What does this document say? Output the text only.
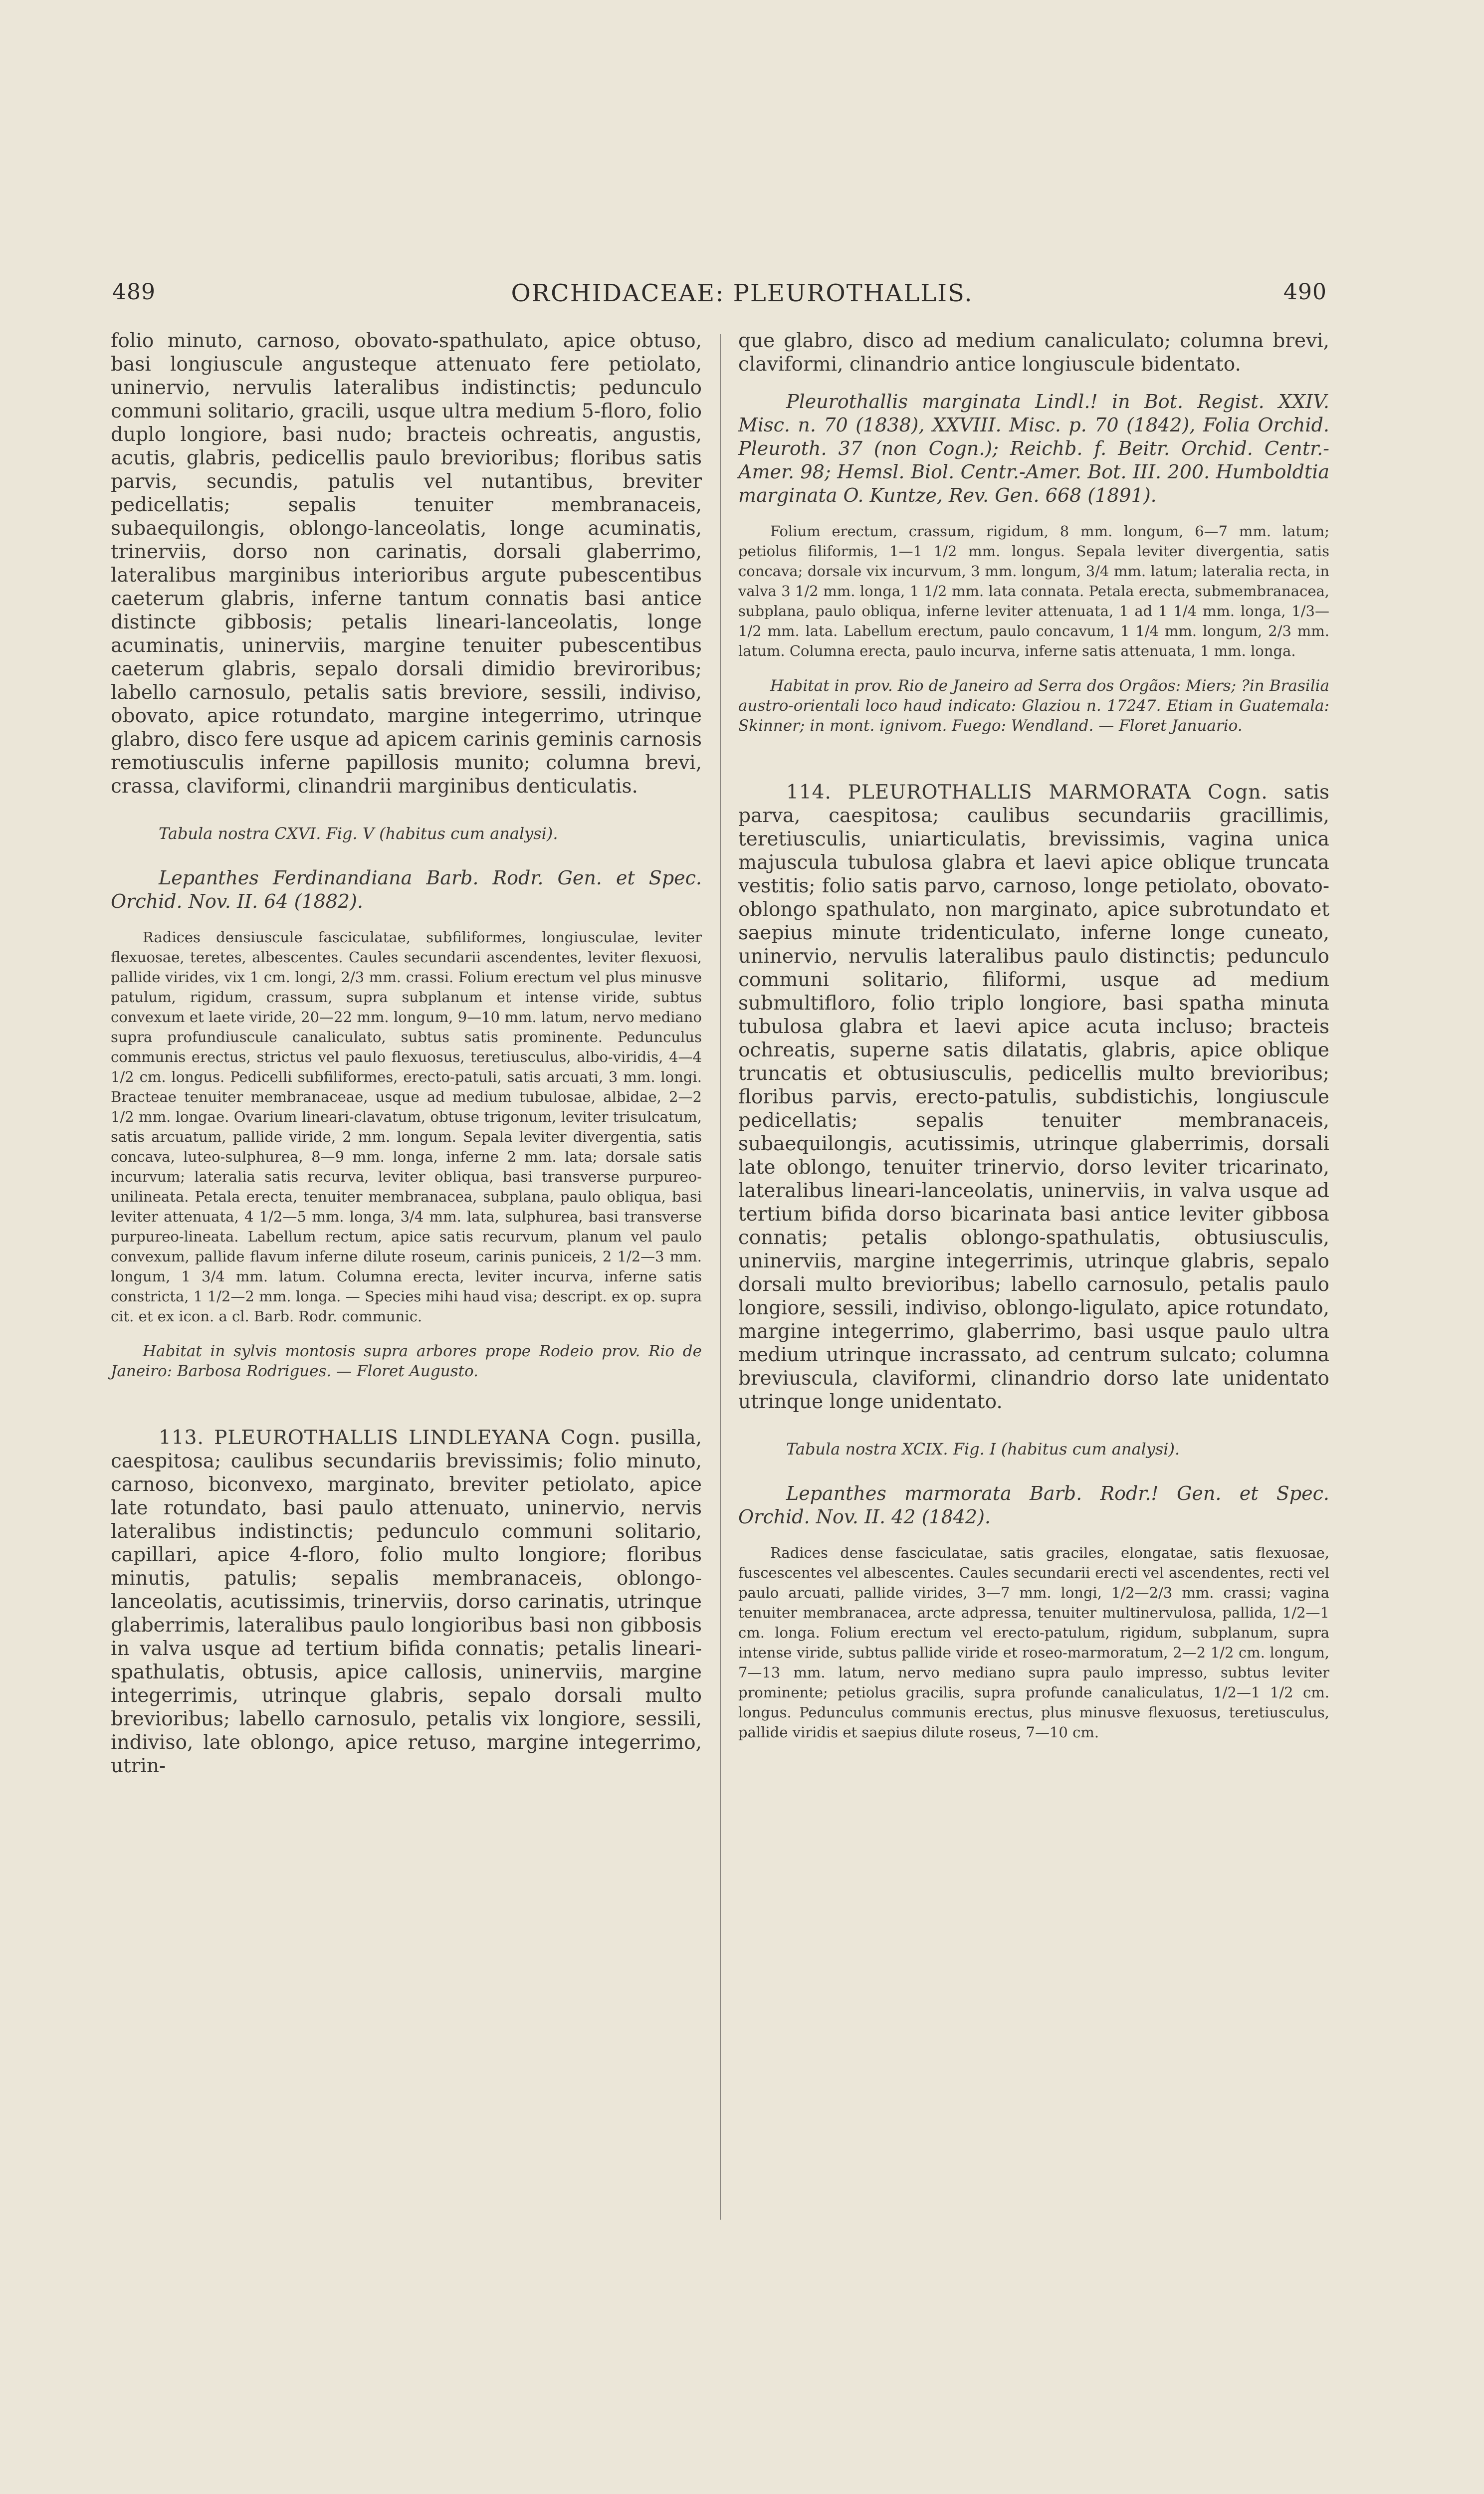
489	ORCHIDACEAE: PLEUROTHALLIS.	490

folio minuto, carnoso, obovato-spathulato, apice obtuso, basi longiuscule angusteque attenuato fere petiolato, uninervio, nervulis lateralibus indistinctis; pedunculo communi solitario, gracili, usque ultra medium 5-floro, folio duplo longiore, basi nudo; bracteis ochreatis, angustis, acutis, glabris, pedicellis paulo brevioribus; floribus satis parvis, secundis, patulis vel nutantibus, breviter pedicellatis; sepalis tenuiter membranaceis, subaequilongis, oblongo-lanceolatis, longe acuminatis, trinerviis, dorso non carinatis, dorsali glaberrimo, lateralibus marginibus interioribus argute pubescentibus caeterum glabris, inferne tantum connatis basi antice distincte gibbosis; petalis lineari-lanceolatis, longe acuminatis, uninerviis, margine tenuiter pubescentibus caeterum glabris, sepalo dorsali dimidio breviroribus; labello carnosulo, petalis satis breviore, sessili, indiviso, obovato, apice rotundato, margine integerrimo, utrinque glabro, disco fere usque ad apicem carinis geminis carnosis remotiusculis inferne papillosis munito; columna brevi, crassa, claviformi, clinandrii marginibus denticulatis.

Tabula nostra CXVI. Fig. V (habitus cum analysi).

Lepanthes Ferdinandiana Barb. Rodr. Gen. et Spec. Orchid. Nov. II. 64 (1882).

Radices densiuscule fasciculatae, subfiliformes, longiusculae, leviter flexuosae, teretes, albescentes. Caules secundarii ascendentes, leviter flexuosi, pallide virides, vix 1 cm. longi, 2/3 mm. crassi. Folium erectum vel plus minusve patulum, rigidum, crassum, supra subplanum et intense viride, subtus convexum et laete viride, 20—22 mm. longum, 9—10 mm. latum, nervo mediano supra profundiuscule canaliculato, subtus satis prominente. Pedunculus communis erectus, strictus vel paulo flexuosus, teretiusculus, albo-viridis, 4—4 1/2 cm. longus. Pedicelli subfiliformes, erecto-patuli, satis arcuati, 3 mm. longi. Bracteae tenuiter membranaceae, usque ad medium tubulosae, albidae, 2—2 1/2 mm. longae. Ovarium lineari-clavatum, obtuse trigonum, leviter trisulcatum, satis arcuatum, pallide viride, 2 mm. longum. Sepala leviter divergentia, satis concava, luteo-sulphurea, 8—9 mm. longa, inferne 2 mm. lata; dorsale satis incurvum; lateralia satis recurva, leviter obliqua, basi transverse purpureo-unilineata. Petala erecta, tenuiter membranacea, subplana, paulo obliqua, basi leviter attenuata, 4 1/2—5 mm. longa, 3/4 mm. lata, sulphurea, basi transverse purpureo-lineata. Labellum rectum, apice satis recurvum, planum vel paulo convexum, pallide flavum inferne dilute roseum, carinis puniceis, 2 1/2—3 mm. longum, 1 3/4 mm. latum. Columna erecta, leviter incurva, inferne satis constricta, 1 1/2—2 mm. longa. — Species mihi haud visa; descript. ex op. supra cit. et ex icon. a cl. Barb. Rodr. communic.

Habitat in sylvis montosis supra arbores prope Rodeio prov. Rio de Janeiro: Barbosa Rodrigues. — Floret Augusto.

113. PLEUROTHALLIS LINDLEYANA Cogn. pusilla, caespitosa; caulibus secundariis brevissimis; folio minuto, carnoso, biconvexo, marginato, breviter petiolato, apice late rotundato, basi paulo attenuato, uninervio, nervis lateralibus indistinctis; pedunculo communi solitario, capillari, apice 4-floro, folio multo longiore; floribus minutis, patulis; sepalis membranaceis, oblongo-lanceolatis, acutissimis, trinerviis, dorso carinatis, utrinque glaberrimis, lateralibus paulo longioribus basi non gibbosis in valva usque ad tertium bifida connatis; petalis lineari-spathulatis, obtusis, apice callosis, uninerviis, margine integerrimis, utrinque glabris, sepalo dorsali multo brevioribus; labello carnosulo, petalis vix longiore, sessili, indiviso, late oblongo, apice retuso, margine integerrimo, utrin-

que glabro, disco ad medium canaliculato; columna brevi, claviformi, clinandrio antice longiuscule bidentato.

Pleurothallis marginata Lindl.! in Bot. Regist. XXIV. Misc. n. 70 (1838), XXVIII. Misc. p. 70 (1842), Folia Orchid. Pleuroth. 37 (non Cogn.); Reichb. f. Beitr. Orchid. Centr.-Amer. 98; Hemsl. Biol. Centr.-Amer. Bot. III. 200. Humboldtia marginata O. Kuntze, Rev. Gen. 668 (1891).

Folium erectum, crassum, rigidum, 8 mm. longum, 6—7 mm. latum; petiolus filiformis, 1—1 1/2 mm. longus. Sepala leviter divergentia, satis concava; dorsale vix incurvum, 3 mm. longum, 3/4 mm. latum; lateralia recta, in valva 3 1/2 mm. longa, 1 1/2 mm. lata connata. Petala erecta, submembranacea, subplana, paulo obliqua, inferne leviter attenuata, 1 ad 1 1/4 mm. longa, 1/3—1/2 mm. lata. Labellum erectum, paulo concavum, 1 1/4 mm. longum, 2/3 mm. latum. Columna erecta, paulo incurva, inferne satis attenuata, 1 mm. longa.

Habitat in prov. Rio de Janeiro ad Serra dos Orgãos: Miers; ?in Brasilia austro-orientali loco haud indicato: Glaziou n. 17247. Etiam in Guatemala: Skinner; in mont. ignivom. Fuego: Wendland. — Floret Januario.

114. PLEUROTHALLIS MARMORATA Cogn. satis parva, caespitosa; caulibus secundariis gracillimis, teretiusculis, uniarticulatis, brevissimis, vagina unica majuscula tubulosa glabra et laevi apice oblique truncata vestitis; folio satis parvo, carnoso, longe petiolato, obovato-oblongo spathulato, non marginato, apice subrotundato et saepius minute tridenticulato, inferne longe cuneato, uninervio, nervulis lateralibus paulo distinctis; pedunculo communi solitario, filiformi, usque ad medium submultifloro, folio triplo longiore, basi spatha minuta tubulosa glabra et laevi apice acuta incluso; bracteis ochreatis, superne satis dilatatis, glabris, apice oblique truncatis et obtusiusculis, pedicellis multo brevioribus; floribus parvis, erecto-patulis, subdistichis, longiuscule pedicellatis; sepalis tenuiter membranaceis, subaequilongis, acutissimis, utrinque glaberrimis, dorsali late oblongo, tenuiter trinervio, dorso leviter tricarinato, lateralibus lineari-lanceolatis, uninerviis, in valva usque ad tertium bifida dorso bicarinata basi antice leviter gibbosa connatis; petalis oblongo-spathulatis, obtusiusculis, uninerviis, margine integerrimis, utrinque glabris, sepalo dorsali multo brevioribus; labello carnosulo, petalis paulo longiore, sessili, indiviso, oblongo-ligulato, apice rotundato, margine integerrimo, glaberrimo, basi usque paulo ultra medium utrinque incrassato, ad centrum sulcato; columna breviuscula, claviformi, clinandrio dorso late unidentato utrinque longe unidentato.

Tabula nostra XCIX. Fig. I (habitus cum analysi).

Lepanthes marmorata Barb. Rodr.! Gen. et Spec. Orchid. Nov. II. 42 (1842).

Radices dense fasciculatae, satis graciles, elongatae, satis flexuosae, fuscescentes vel albescentes. Caules secundarii erecti vel ascendentes, recti vel paulo arcuati, pallide virides, 3—7 mm. longi, 1/2—2/3 mm. crassi; vagina tenuiter membranacea, arcte adpressa, tenuiter multinervulosa, pallida, 1/2—1 cm. longa. Folium erectum vel erecto-patulum, rigidum, subplanum, supra intense viride, subtus pallide viride et roseo-marmoratum, 2—2 1/2 cm. longum, 7—13 mm. latum, nervo mediano supra paulo impresso, subtus leviter prominente; petiolus gracilis, supra profunde canaliculatus, 1/2—1 1/2 cm. longus. Pedunculus communis erectus, plus minusve flexuosus, teretiusculus, pallide viridis et saepius dilute roseus, 7—10 cm.
